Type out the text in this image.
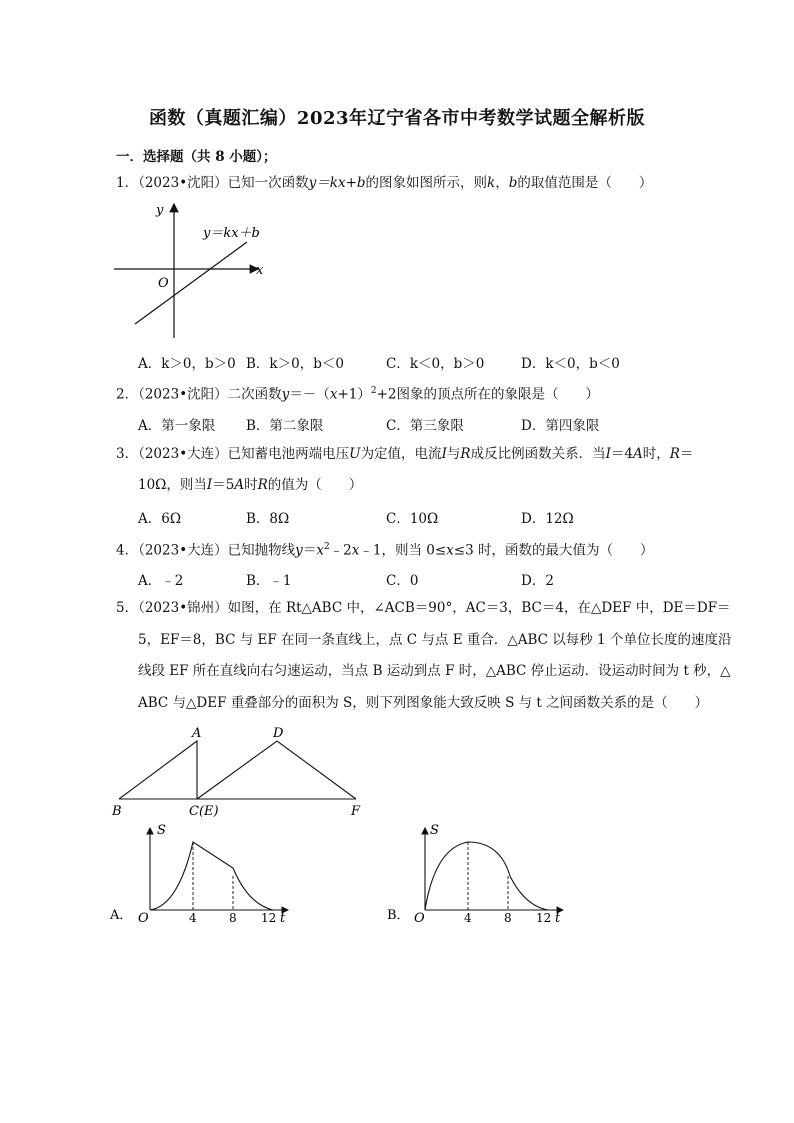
函数（真题汇编）2023年辽宁省各市中考数学试题全解析版
一．选择题（共 8 小题）；
1．（2023•沈阳）已知一次函数y＝kx+b的图象如图所示，则k，b的取值范围是（　　）
y
x
O
y＝kx＋b
A．k＞0，b＞0 B．k＞0，b＜0	C．k＜0，b＞0	D．k＜0，b＜0
2．（2023•沈阳）二次函数$y=-(x+1)^2+2$图象的顶点所在的象限是（　　）
A．第一象限 B．第二象限	C．第三象限	D．第四象限
3．（2023•大连）已知蓄电池两端电压U为定值，电流I与R成反比例函数关系．当I＝4A时，R＝
10Ω，则当I＝5A时R的值为（　　）
A．6Ω	B．8Ω	C．10Ω	D．12Ω
4．（2023•大连）已知抛物线$y=x^2﹣2x﹣1$，则当 0≤x≤3 时，函数的最大值为（　　）
A．﹣2	B．﹣1	C．0	D．2
5．（2023•锦州）如图，在 Rt△ABC 中，∠ACB＝90°，AC＝3，BC＝4，在△DEF 中，DE＝DF＝
5，EF＝8，BC 与 EF 在同一条直线上，点 C 与点 E 重合．△ABC 以每秒 1 个单位长度的速度沿
线段 EF 所在直线向右匀速运动，当点 B 运动到点 F 时，△ABC 停止运动．设运动时间为 t 秒，△
ABC 与△DEF 重叠部分的面积为 S，则下列图象能大致反映 S 与 t 之间函数关系的是（　　）
A	D
B	C(E)	F
A．
S
O	4	8 12 t	B．
S
O	4	8 12 t
